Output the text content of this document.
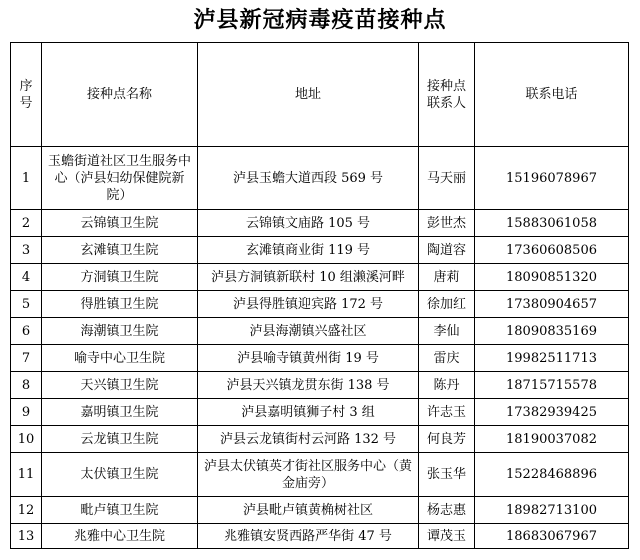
泸县新冠病毒疫苗接种点
序号	接种点名称	地址	接种点联系人	联系电话
1	玉蟾街道社区卫生服务中心（泸县妇幼保健院新院）	泸县玉蟾大道西段 569 号	马天丽	15196078967
2	云锦镇卫生院	云锦镇文庙路 105 号	彭世杰	15883061058
3	玄滩镇卫生院	玄滩镇商业街 119 号	陶道容	17360608506
4	方洞镇卫生院	泸县方洞镇新联村 10 组濑溪河畔	唐莉	18090851320
5	得胜镇卫生院	泸县得胜镇迎宾路 172 号	徐加红	17380904657
6	海潮镇卫生院	泸县海潮镇兴盛社区	李仙	18090835169
7	喻寺中心卫生院	泸县喻寺镇黄州街 19 号	雷庆	19982511713
8	天兴镇卫生院	泸县天兴镇龙贯东街 138 号	陈丹	18715715578
9	嘉明镇卫生院	泸县嘉明镇狮子村 3 组	许志玉	17382939425
10	云龙镇卫生院	泸县云龙镇街村云河路 132 号	何良芳	18190037082
11	太伏镇卫生院	泸县太伏镇英才街社区服务中心（黄金庙旁）	张玉华	15228468896
12	毗卢镇卫生院	泸县毗卢镇黄桷树社区	杨志惠	18982713100
13	兆雅中心卫生院	兆雅镇安贤西路严华街 47 号	谭茂玉	18683067967
